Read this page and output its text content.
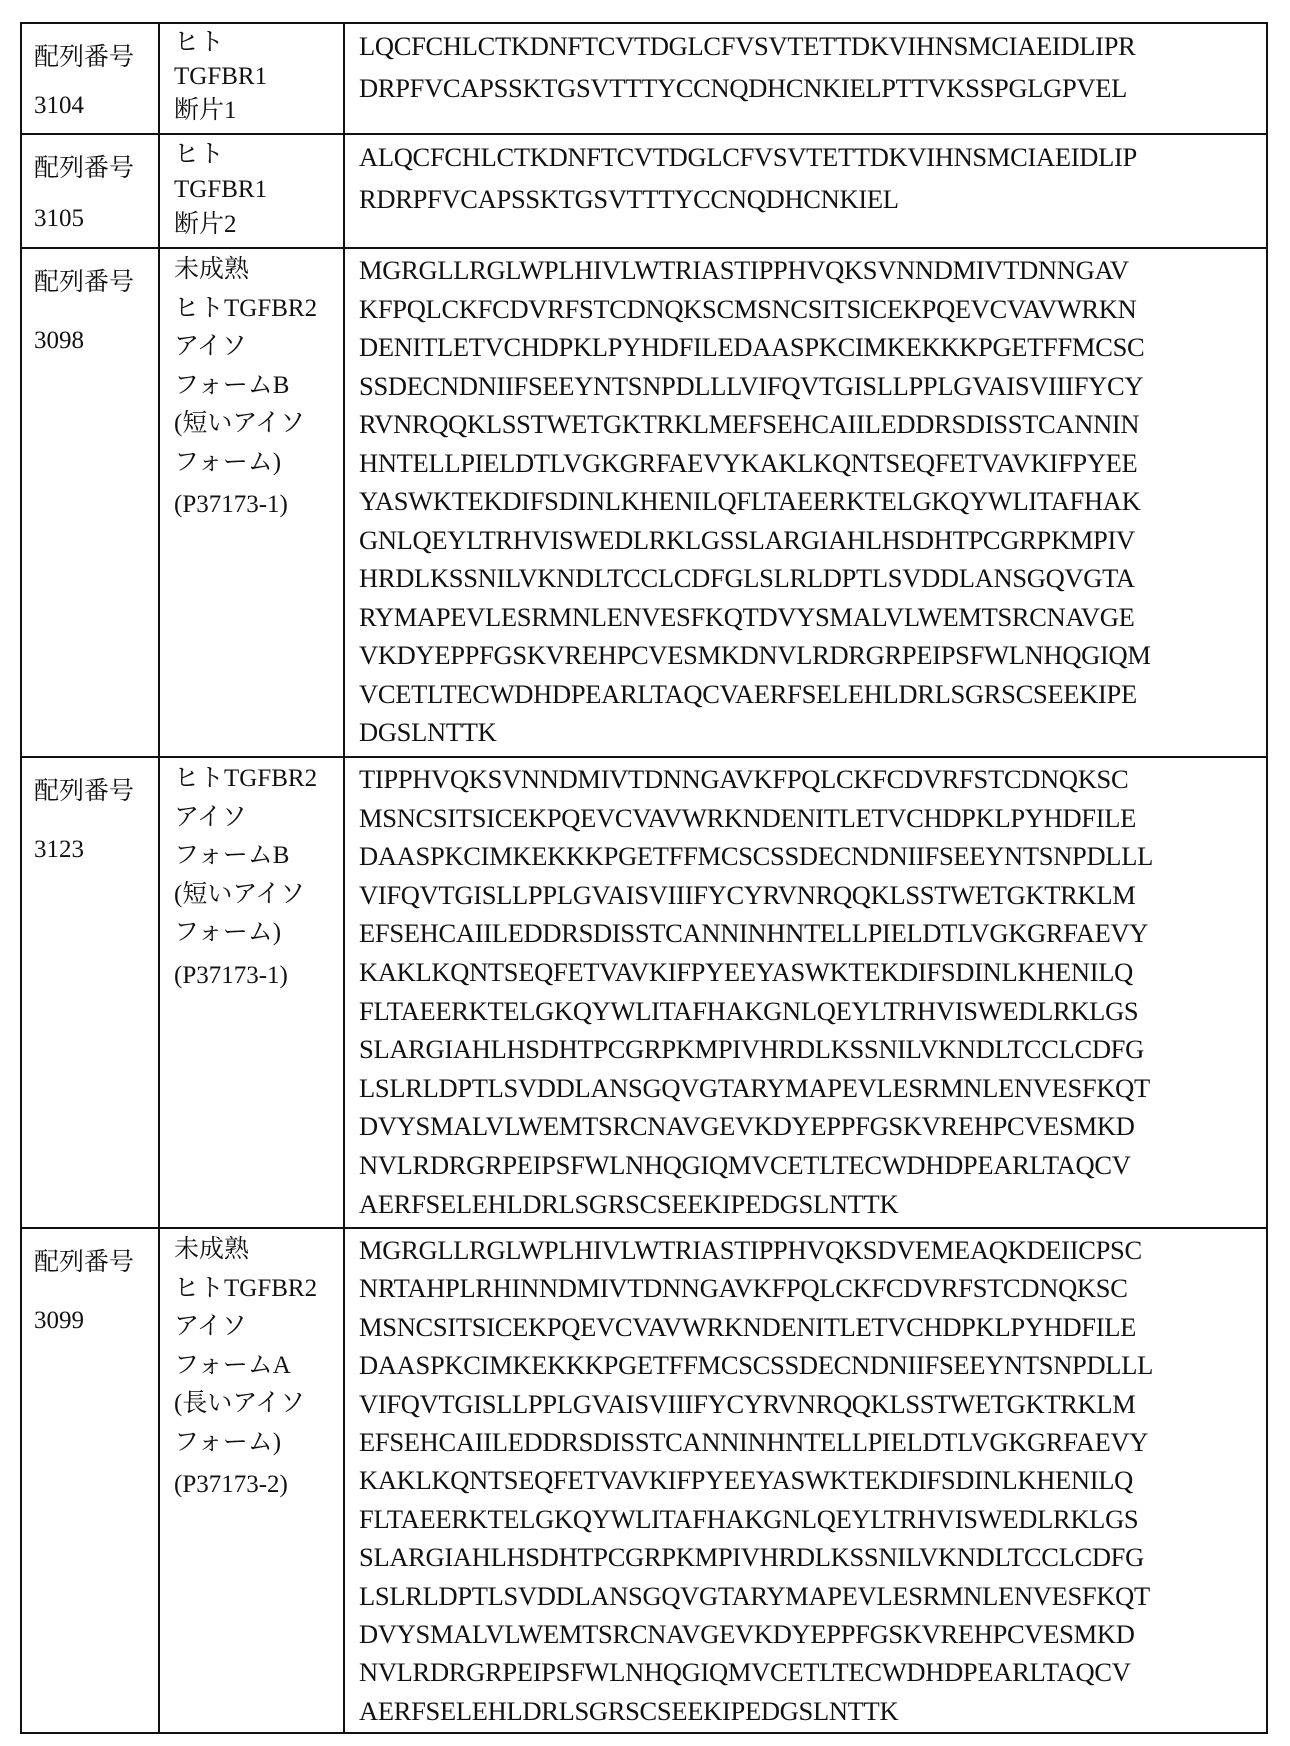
配列番号
3104
ヒト
TGFBR1
断片1
LQCFCHLCTKDNFTCVTDGLCFVSVTETTDKVIHNSMCIAEIDLIPR
DRPFVCAPSSKTGSVTTTYCCNQDHCNKIELPTTVKSSPGLGPVEL
配列番号
3105
ヒト
TGFBR1
断片2
ALQCFCHLCTKDNFTCVTDGLCFVSVTETTDKVIHNSMCIAEIDLIP
RDRPFVCAPSSKTGSVTTTYCCNQDHCNKIEL
配列番号
3098
未成熟
ヒトTGFBR2
アイソ
フォームB
(短いアイソ
フォーム)
(P37173-1)
MGRGLLRGLWPLHIVLWTRIASTIPPHVQKSVNNDMIVTDNNGAV
KFPQLCKFCDVRFSTCDNQKSCMSNCSITSICEKPQEVCVAVWRKN
DENITLETVCHDPKLPYHDFILEDAASPKCIMKEKKKPGETFFMCSC
SSDECNDNIIFSEEYNTSNPDLLLVIFQVTGISLLPPLGVAISVIIIFYCY
RVNRQQKLSSTWETGKTRKLMEFSEHCAIILEDDRSDISSTCANNIN
HNTELLPIELDTLVGKGRFAEVYKAKLKQNTSEQFETVAVKIFPYEE
YASWKTEKDIFSDINLKHENILQFLTAEERKTELGKQYWLITAFHAK
GNLQEYLTRHVISWEDLRKLGSSLARGIAHLHSDHTPCGRPKMPIV
HRDLKSSNILVKNDLTCCLCDFGLSLRLDPTLSVDDLANSGQVGTA
RYMAPEVLESRMNLENVESFKQTDVYSMALVLWEMTSRCNAVGE
VKDYEPPFGSKVREHPCVESMKDNVLRDRGRPEIPSFWLNHQGIQM
VCETLTECWDHDPEARLTAQCVAERFSELEHLDRLSGRSCSEEKIPE
DGSLNTTK
配列番号
3123
ヒトTGFBR2
アイソ
フォームB
(短いアイソ
フォーム)
(P37173-1)
TIPPHVQKSVNNDMIVTDNNGAVKFPQLCKFCDVRFSTCDNQKSC
MSNCSITSICEKPQEVCVAVWRKNDENITLETVCHDPKLPYHDFILE
DAASPKCIMKEKKKPGETFFMCSCSSDECNDNIIFSEEYNTSNPDLLL
VIFQVTGISLLPPLGVAISVIIIFYCYRVNRQQKLSSTWETGKTRKLM
EFSEHCAIILEDDRSDISSTCANNINHNTELLPIELDTLVGKGRFAEVY
KAKLKQNTSEQFETVAVKIFPYEEYASWKTEKDIFSDINLKHENILQ
FLTAEERKTELGKQYWLITAFHAKGNLQEYLTRHVISWEDLRKLGS
SLARGIAHLHSDHTPCGRPKMPIVHRDLKSSNILVKNDLTCCLCDFG
LSLRLDPTLSVDDLANSGQVGTARYMAPEVLESRMNLENVESFKQT
DVYSMALVLWEMTSRCNAVGEVKDYEPPFGSKVREHPCVESMKD
NVLRDRGRPEIPSFWLNHQGIQMVCETLTECWDHDPEARLTAQCV
AERFSELEHLDRLSGRSCSEEKIPEDGSLNTTK
配列番号
3099
未成熟
ヒトTGFBR2
アイソ
フォームA
(長いアイソ
フォーム)
(P37173-2)
MGRGLLRGLWPLHIVLWTRIASTIPPHVQKSDVEMEAQKDEIICPSC
NRTAHPLRHINNDMIVTDNNGAVKFPQLCKFCDVRFSTCDNQKSC
MSNCSITSICEKPQEVCVAVWRKNDENITLETVCHDPKLPYHDFILE
DAASPKCIMKEKKKPGETFFMCSCSSDECNDNIIFSEEYNTSNPDLLL
VIFQVTGISLLPPLGVAISVIIIFYCYRVNRQQKLSSTWETGKTRKLM
EFSEHCAIILEDDRSDISSTCANNINHNTELLPIELDTLVGKGRFAEVY
KAKLKQNTSEQFETVAVKIFPYEEYASWKTEKDIFSDINLKHENILQ
FLTAEERKTELGKQYWLITAFHAKGNLQEYLTRHVISWEDLRKLGS
SLARGIAHLHSDHTPCGRPKMPIVHRDLKSSNILVKNDLTCCLCDFG
LSLRLDPTLSVDDLANSGQVGTARYMAPEVLESRMNLENVESFKQT
DVYSMALVLWEMTSRCNAVGEVKDYEPPFGSKVREHPCVESMKD
NVLRDRGRPEIPSFWLNHQGIQMVCETLTECWDHDPEARLTAQCV
AERFSELEHLDRLSGRSCSEEKIPEDGSLNTTK
